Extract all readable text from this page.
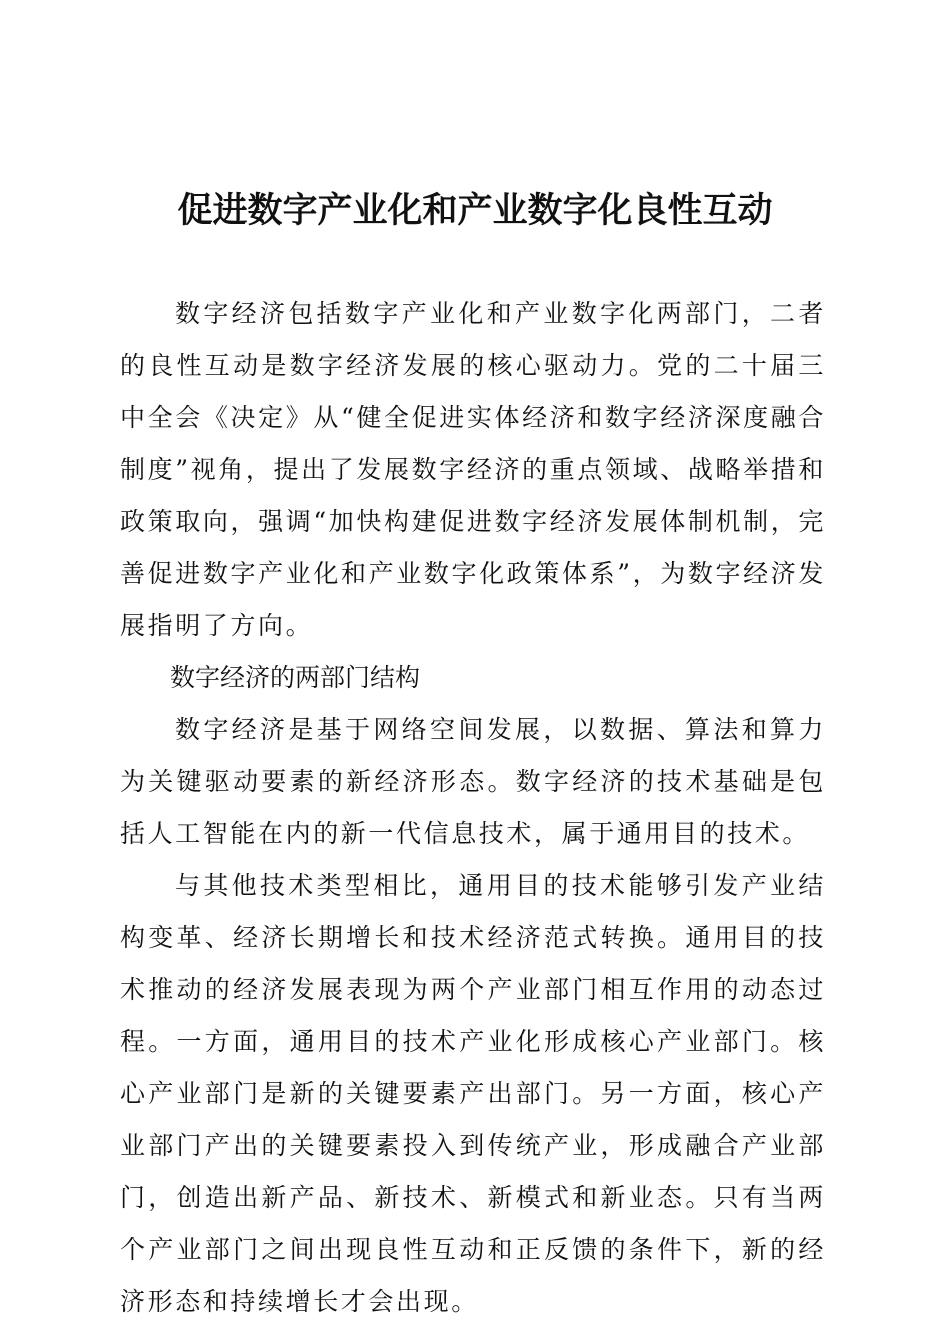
促进数字产业化和产业数字化良性互动

数字经济包括数字产业化和产业数字化两部门，二者的良性互动是数字经济发展的核心驱动力。党的二十届三中全会《决定》从“健全促进实体经济和数字经济深度融合制度”视角，提出了发展数字经济的重点领域、战略举措和政策取向，强调“加快构建促进数字经济发展体制机制，完善促进数字产业化和产业数字化政策体系”，为数字经济发展指明了方向。

数字经济的两部门结构

数字经济是基于网络空间发展，以数据、算法和算力为关键驱动要素的新经济形态。数字经济的技术基础是包括人工智能在内的新一代信息技术，属于通用目的技术。

与其他技术类型相比，通用目的技术能够引发产业结构变革、经济长期增长和技术经济范式转换。通用目的技术推动的经济发展表现为两个产业部门相互作用的动态过程。一方面，通用目的技术产业化形成核心产业部门。核心产业部门是新的关键要素产出部门。另一方面，核心产业部门产出的关键要素投入到传统产业，形成融合产业部门，创造出新产品、新技术、新模式和新业态。只有当两个产业部门之间出现良性互动和正反馈的条件下，新的经济形态和持续增长才会出现。
